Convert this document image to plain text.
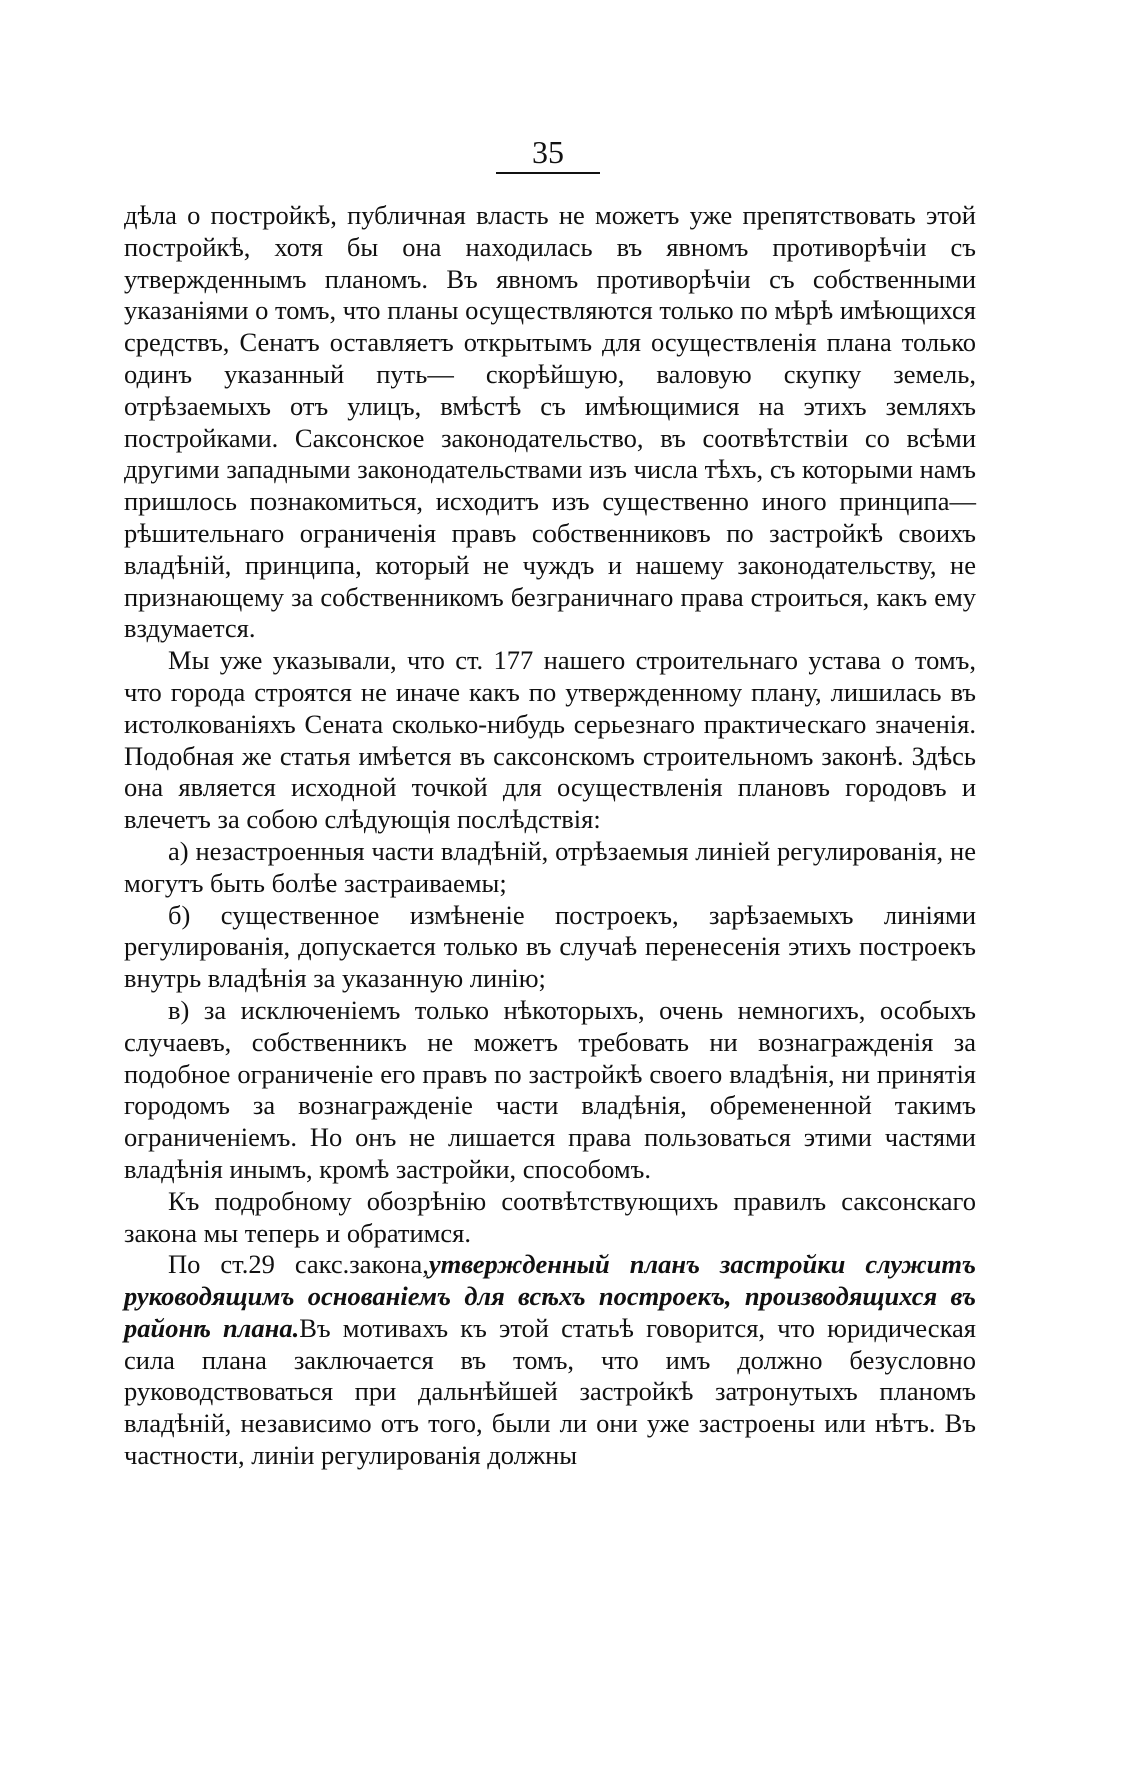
35

дѣла о постройкѣ, публичная власть не можетъ уже препятствовать этой постройкѣ, хотя бы она находилась въ явномъ противорѣчіи съ утвержденнымъ планомъ. Въ явномъ противорѣчіи съ собственными указаніями о томъ, что планы осуществляются только по мѣрѣ имѣющихся средствъ, Сенатъ оставляетъ открытымъ для осуществленія плана только одинъ указанный путь— скорѣйшую, валовую скупку земель, отрѣзаемыхъ отъ улицъ, вмѣстѣ съ имѣющимися на этихъ земляхъ постройками. Саксонское законодательство, въ соотвѣтствіи со всѣми другими западными законодательствами изъ числа тѣхъ, съ которыми намъ пришлось познакомиться, исходитъ изъ существенно иного принципа—рѣшительнаго ограниченія правъ собственниковъ по застройкѣ своихъ владѣній, принципа, который не чуждъ и нашему законодательству, не признающему за собственникомъ безграничнаго права строиться, какъ ему вздумается.

Мы уже указывали, что ст. 177 нашего строительнаго устава о томъ, что города строятся не иначе какъ по утвержденному плану, лишилась въ истолкованіяхъ Сената сколько-нибудь серьезнаго практическаго значенія. Подобная же статья имѣется въ саксонскомъ строительномъ законѣ. Здѣсь она является исходной точкой для осуществленія плановъ городовъ и влечетъ за собою слѣдующія послѣдствія:

а) незастроенныя части владѣній, отрѣзаемыя линіей регулированія, не могутъ быть болѣе застраиваемы;

б) существенное измѣненіе построекъ, зарѣзаемыхъ линіями регулированія, допускается только въ случаѣ перенесенія этихъ построекъ внутрь владѣнія за указанную линію;

в) за исключеніемъ только нѣкоторыхъ, очень немногихъ, особыхъ случаевъ, собственникъ не можетъ требовать ни вознагражденія за подобное ограниченіе его правъ по застройкѣ своего владѣнія, ни принятія городомъ за вознагражденіе части владѣнія, обремененной такимъ ограниченіемъ. Но онъ не лишается права пользоваться этими частями владѣнія инымъ, кромѣ застройки, способомъ.

Къ подробному обозрѣнію соотвѣтствующихъ правилъ саксонскаго закона мы теперь и обратимся.

По ст.29 сакс.закона,утвержденный планъ застройки служитъ руководящимъ основаніемъ для всѣхъ построекъ, производящихся въ районѣ плана.Въ мотивахъ къ этой статьѣ говорится, что юридическая сила плана заключается въ томъ, что имъ должно безусловно руководствоваться при дальнѣйшей застройкѣ затронутыхъ планомъ владѣній, независимо отъ того, были ли они уже застроены или нѣтъ. Въ частности, линіи регулированія должны
